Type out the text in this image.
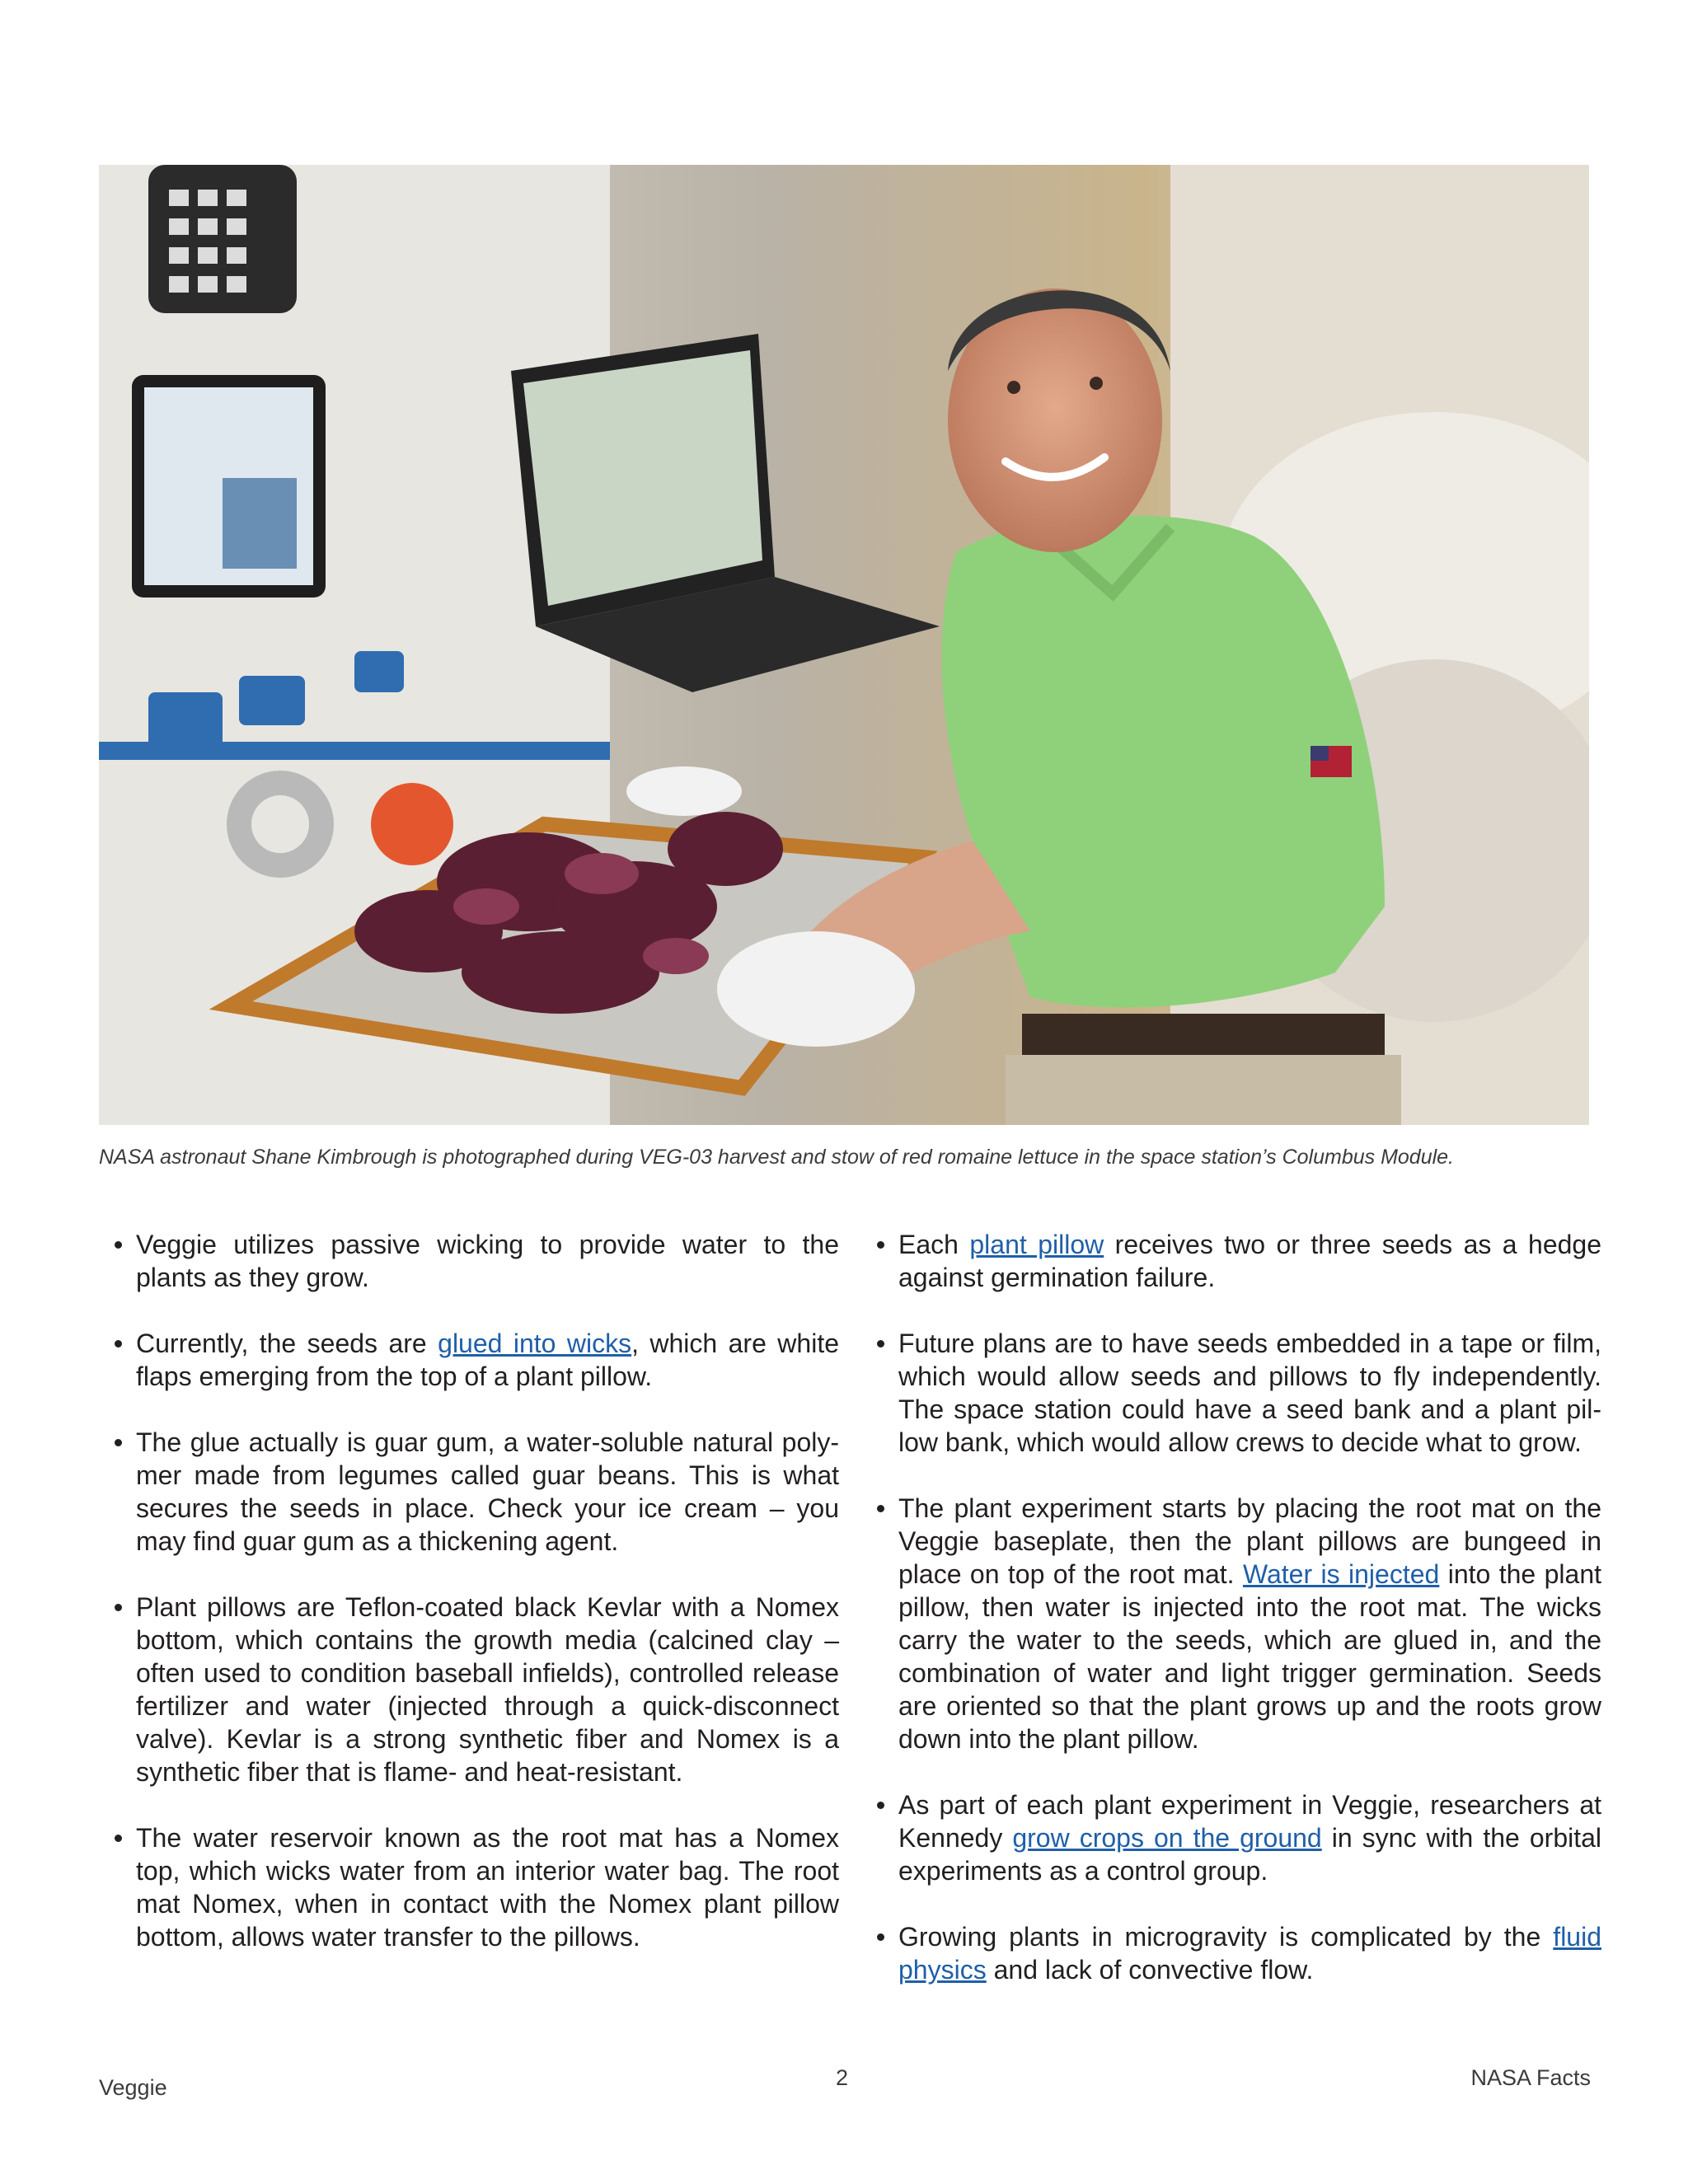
NASA astronaut Shane Kimbrough is photographed during VEG-03 harvest and stow of red romaine lettuce in the space station’s Columbus Module.
Veggie utilizes passive wicking to provide water to the plants as they grow.
Currently, the seeds are glued into wicks, which are white flaps emerging from the top of a plant pillow.
The glue actually is guar gum, a water-soluble natural polymer made from legumes called guar beans. This is what secures the seeds in place. Check your ice cream – you may find guar gum as a thickening agent.
Plant pillows are Teflon-coated black Kevlar with a Nomex bottom, which contains the growth media (calcined clay – often used to condition baseball infields), controlled release fertilizer and water (injected through a quick-disconnect valve). Kevlar is a strong synthetic fiber and Nomex is a synthetic fiber that is flame- and heat-resistant.
The water reservoir known as the root mat has a Nomex top, which wicks water from an interior water bag. The root mat Nomex, when in contact with the Nomex plant pillow bottom, allows water transfer to the pillows.
Each plant pillow receives two or three seeds as a hedge against germination failure.
Future plans are to have seeds embedded in a tape or film, which would allow seeds and pillows to fly independently. The space station could have a seed bank and a plant pillow bank, which would allow crews to decide what to grow.
The plant experiment starts by placing the root mat on the Veggie baseplate, then the plant pillows are bungeed in place on top of the root mat. Water is injected into the plant pillow, then water is injected into the root mat. The wicks carry the water to the seeds, which are glued in, and the combination of water and light trigger germination. Seeds are oriented so that the plant grows up and the roots grow down into the plant pillow.
As part of each plant experiment in Veggie, researchers at Kennedy grow crops on the ground in sync with the orbital experiments as a control group.
Growing plants in microgravity is complicated by the fluid physics and lack of convective flow.
Veggie	2	NASA Facts
